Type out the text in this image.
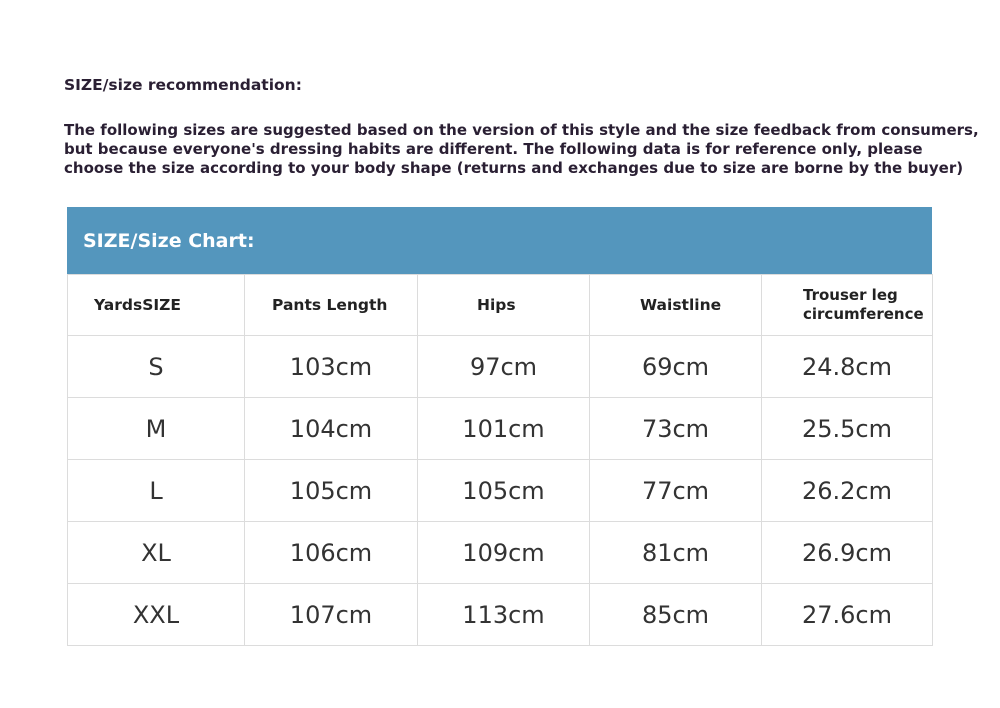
SIZE/size recommendation:
The following sizes are suggested based on the version of this style and the size feedback from consumers,
but because everyone's dressing habits are different. The following data is for reference only, please
choose the size according to your body shape (returns and exchanges due to size are borne by the buyer)
SIZE/Size Chart:
YardsSIZE	Pants Length	Hips	Waistline	Trouser leg circumference

S	103cm	97cm	69cm	24.8cm
M	104cm	101cm	73cm	25.5cm
L	105cm	105cm	77cm	26.2cm
XL	106cm	109cm	81cm	26.9cm
XXL	107cm	113cm	85cm	27.6cm
